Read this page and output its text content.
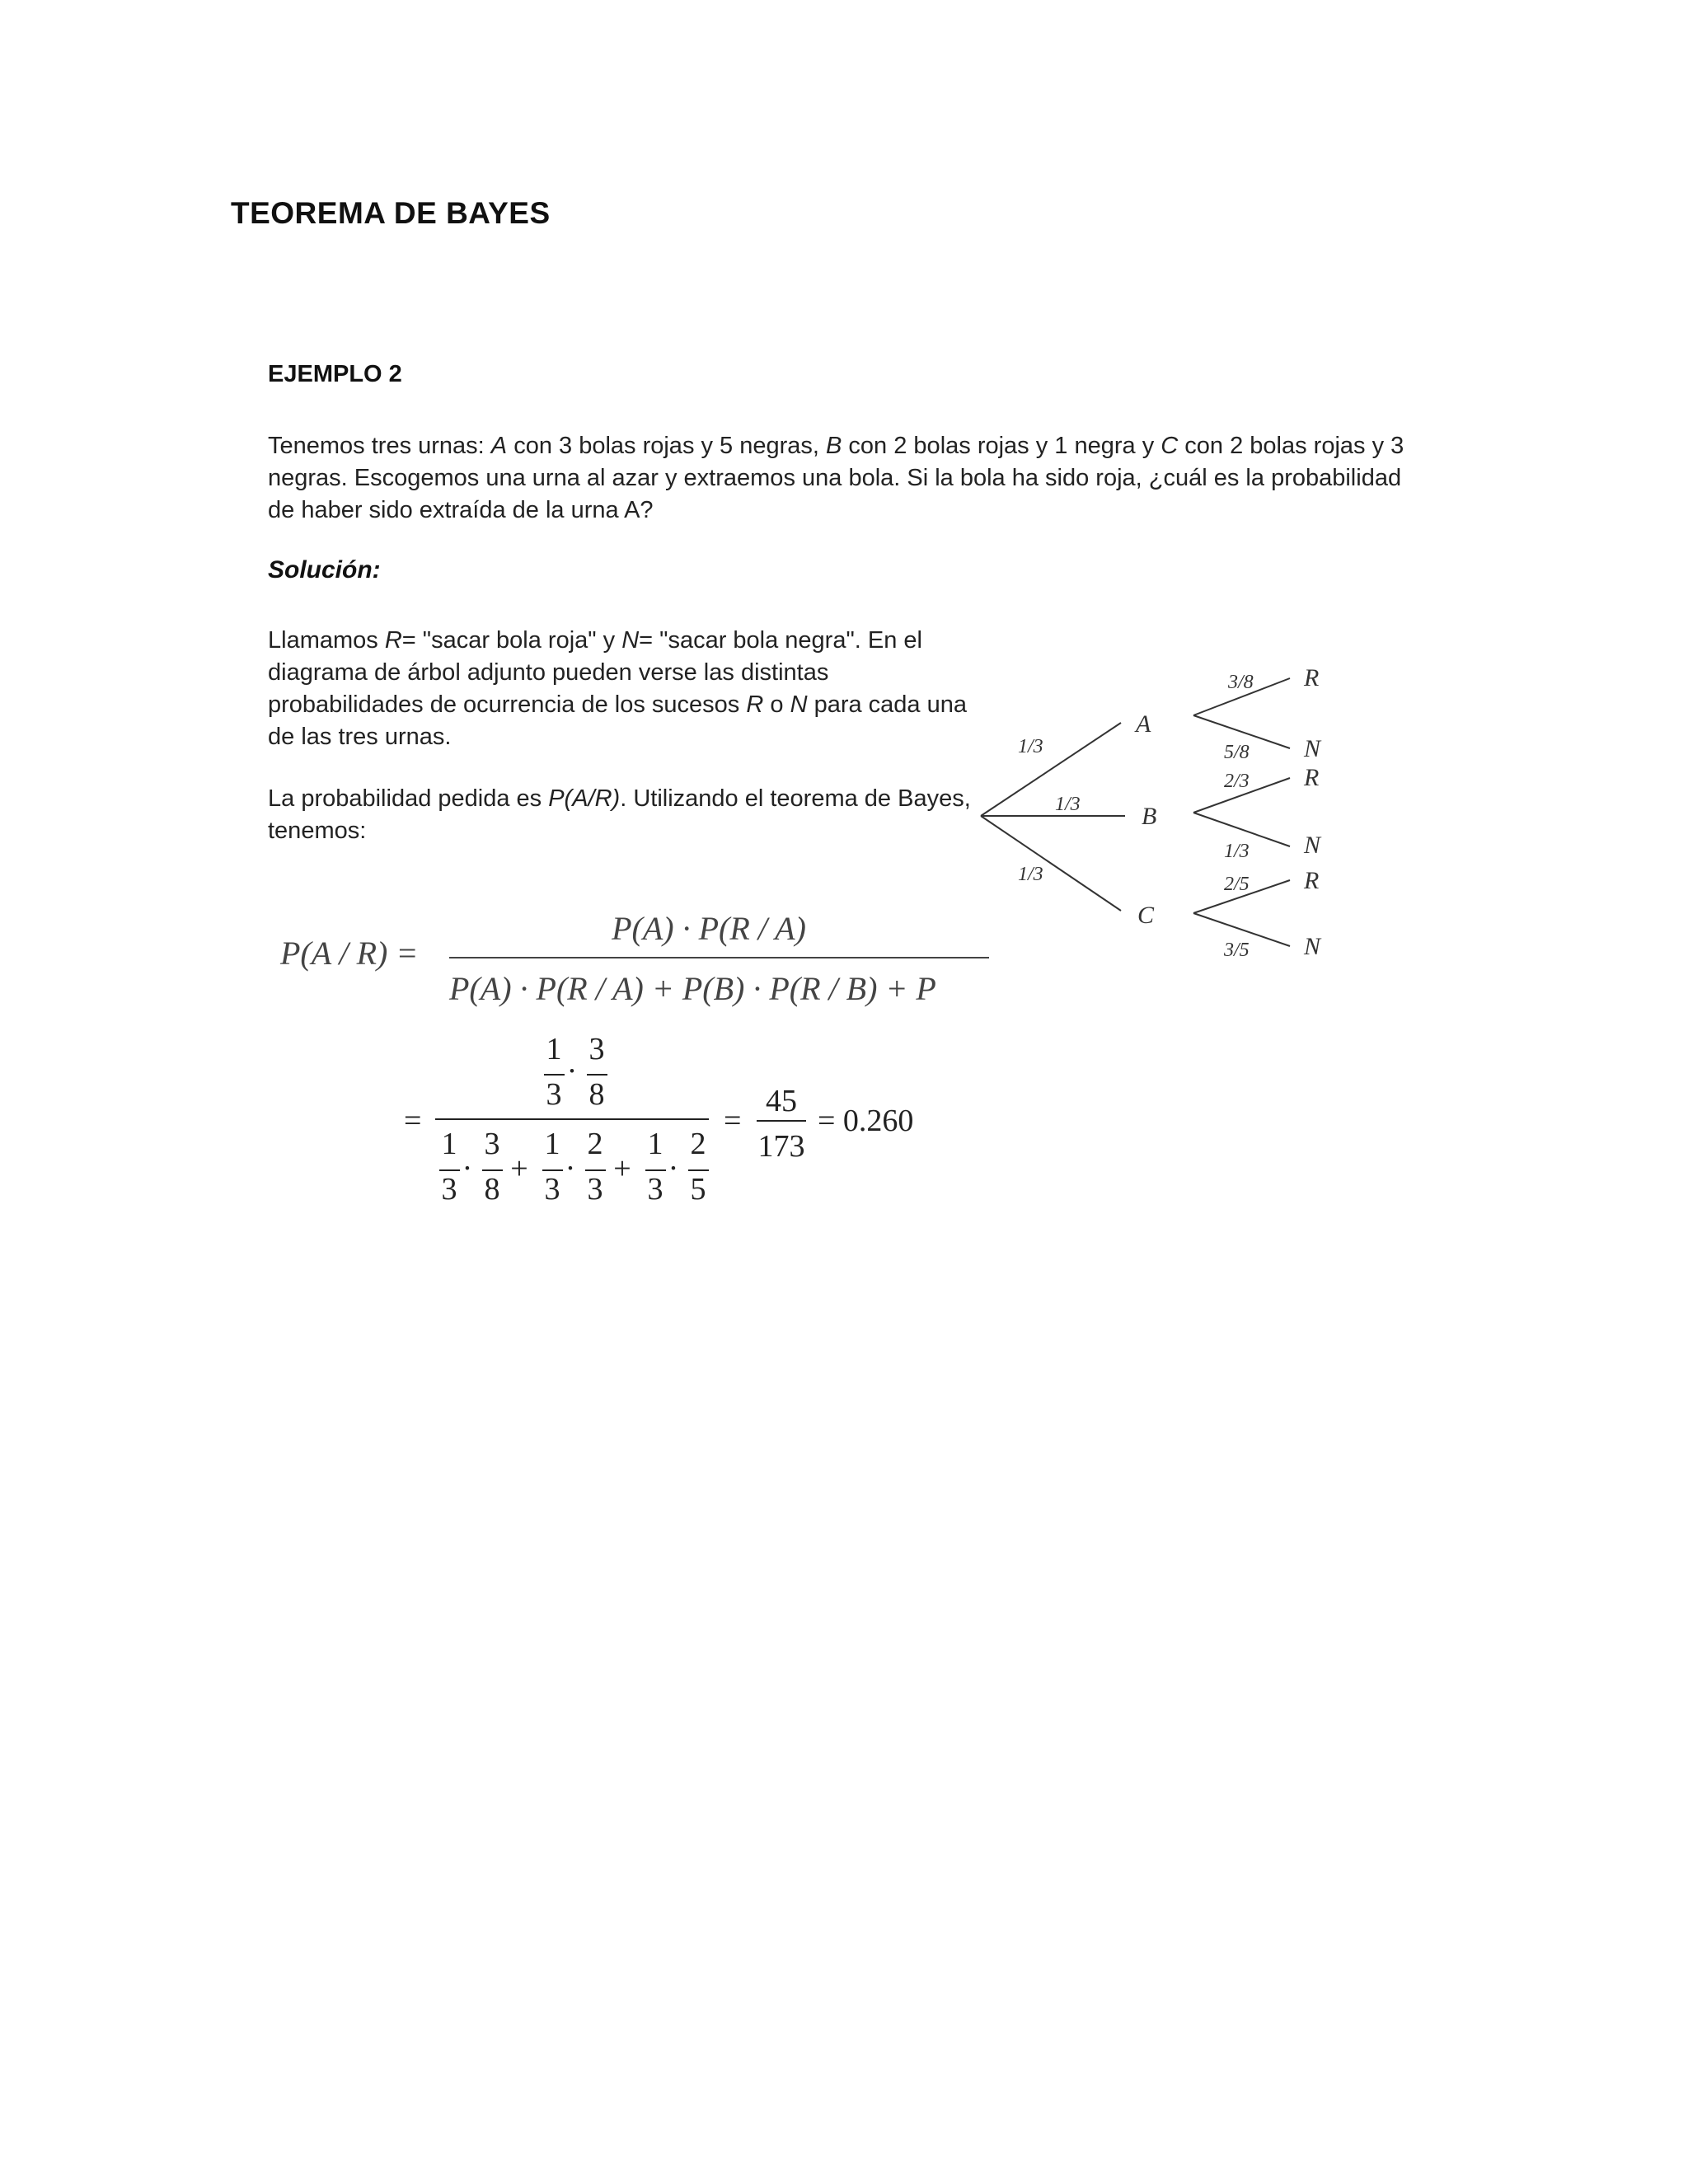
TEOREMA DE BAYES
EJEMPLO 2
Tenemos tres urnas: A con 3 bolas rojas y 5 negras, B con 2 bolas rojas y 1 negra y C con 2 bolas rojas y 3 negras. Escogemos una urna al azar y extraemos una bola. Si la bola ha sido roja, ¿cuál es la probabilidad de haber sido extraída de la urna A?
Solución:
Llamamos R= "sacar bola roja" y N= "sacar bola negra". En el diagrama de árbol adjunto pueden verse las distintas probabilidades de ocurrencia de los sucesos R o N para cada una de las tres urnas.
La probabilidad pedida es P(A/R). Utilizando el teorema de Bayes, tenemos:
1/3
1/3
1/3
3/8
5/8
2/3
1/3
2/5
3/5
A
B
C
R
N
R
N
R
N
P(A / R) =
P(A) · P(R / A)
P(A) · P(R / A) + P(B) · P(R / B) + P
=
1
3
·
3
8
1
3
·
3
8
+
1
3
·
2
3
+
1
3
·
2
5
=
45
173
= 0.260
